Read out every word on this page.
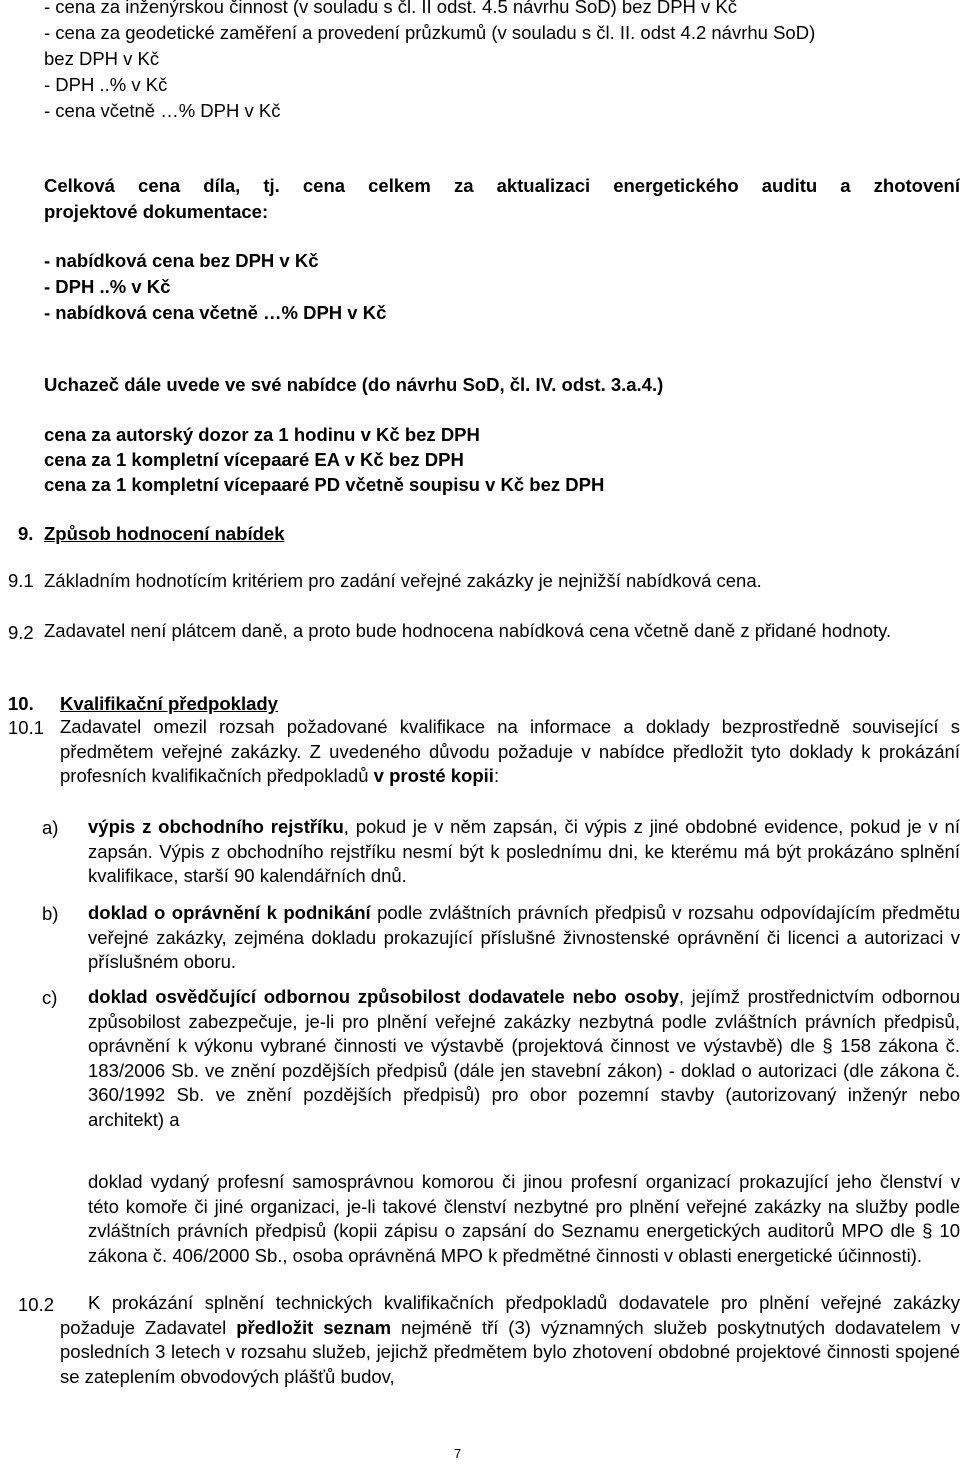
- cena za inženýrskou činnost (v souladu s čl. II odst. 4.5 návrhu SoD) bez DPH v Kč
- cena za geodetické zaměření a provedení průzkumů (v souladu s čl. II. odst 4.2 návrhu SoD)
bez DPH v Kč
- DPH ..% v Kč
- cena včetně …% DPH v Kč
Celková cena díla, tj. cena celkem za aktualizaci energetického auditu a zhotovení
projektové dokumentace:
- nabídková cena bez DPH v Kč
- DPH ..% v Kč
- nabídková cena včetně …% DPH v Kč
Uchazeč dále uvede ve své nabídce (do návrhu SoD, čl. IV. odst. 3.a.4.)
cena za autorský dozor za 1 hodinu v Kč bez DPH
cena za 1 kompletní vícepaaré EA v Kč bez DPH
cena za 1 kompletní vícepaaré PD včetně soupisu v Kč bez DPH
9. Způsob hodnocení nabídek
9.1 Základním hodnotícím kritériem pro zadání veřejné zakázky je nejnižší nabídková cena.
9.2 Zadavatel není plátcem daně, a proto bude hodnocena nabídková cena včetně daně z přidané hodnoty.
10. Kvalifikační předpoklady
10.1 Zadavatel omezil rozsah požadované kvalifikace na informace a doklady bezprostředně související s předmětem veřejné zakázky. Z uvedeného důvodu požaduje v nabídce předložit tyto doklady k prokázání profesních kvalifikačních předpokladů v prosté kopii:
a) výpis z obchodního rejstříku, pokud je v něm zapsán, či výpis z jiné obdobné evidence, pokud je v ní zapsán. Výpis z obchodního rejstříku nesmí být k poslednímu dni, ke kterému má být prokázáno splnění kvalifikace, starší 90 kalendářních dnů.
b) doklad o oprávnění k podnikání podle zvláštních právních předpisů v rozsahu odpovídajícím předmětu veřejné zakázky, zejména dokladu prokazující příslušné živnostenské oprávnění či licenci a autorizaci v příslušném oboru.
c) doklad osvědčující odbornou způsobilost dodavatele nebo osoby, jejímž prostřednictvím odbornou způsobilost zabezpečuje, je-li pro plnění veřejné zakázky nezbytná podle zvláštních právních předpisů, oprávnění k výkonu vybrané činnosti ve výstavbě (projektová činnost ve výstavbě) dle § 158 zákona č. 183/2006 Sb. ve znění pozdějších předpisů (dále jen stavební zákon) - doklad o autorizaci (dle zákona č. 360/1992 Sb. ve znění pozdějších předpisů) pro obor pozemní stavby (autorizovaný inženýr nebo architekt) a
doklad vydaný profesní samosprávnou komorou či jinou profesní organizací prokazující jeho členství v této komoře či jiné organizaci, je-li takové členství nezbytné pro plnění veřejné zakázky na služby podle zvláštních právních předpisů (kopii zápisu o zapsání do Seznamu energetických auditorů MPO dle § 10 zákona č. 406/2000 Sb., osoba oprávněná MPO k předmětné činnosti v oblasti energetické účinnosti).
10.2	K prokázání splnění technických kvalifikačních předpokladů dodavatele pro plnění veřejné zakázky požaduje Zadavatel předložit seznam nejméně tří (3) významných služeb poskytnutých dodavatelem v posledních 3 letech v rozsahu služeb, jejichž předmětem bylo zhotovení obdobné projektové činnosti spojené se zateplením obvodových plášťů budov,
7
